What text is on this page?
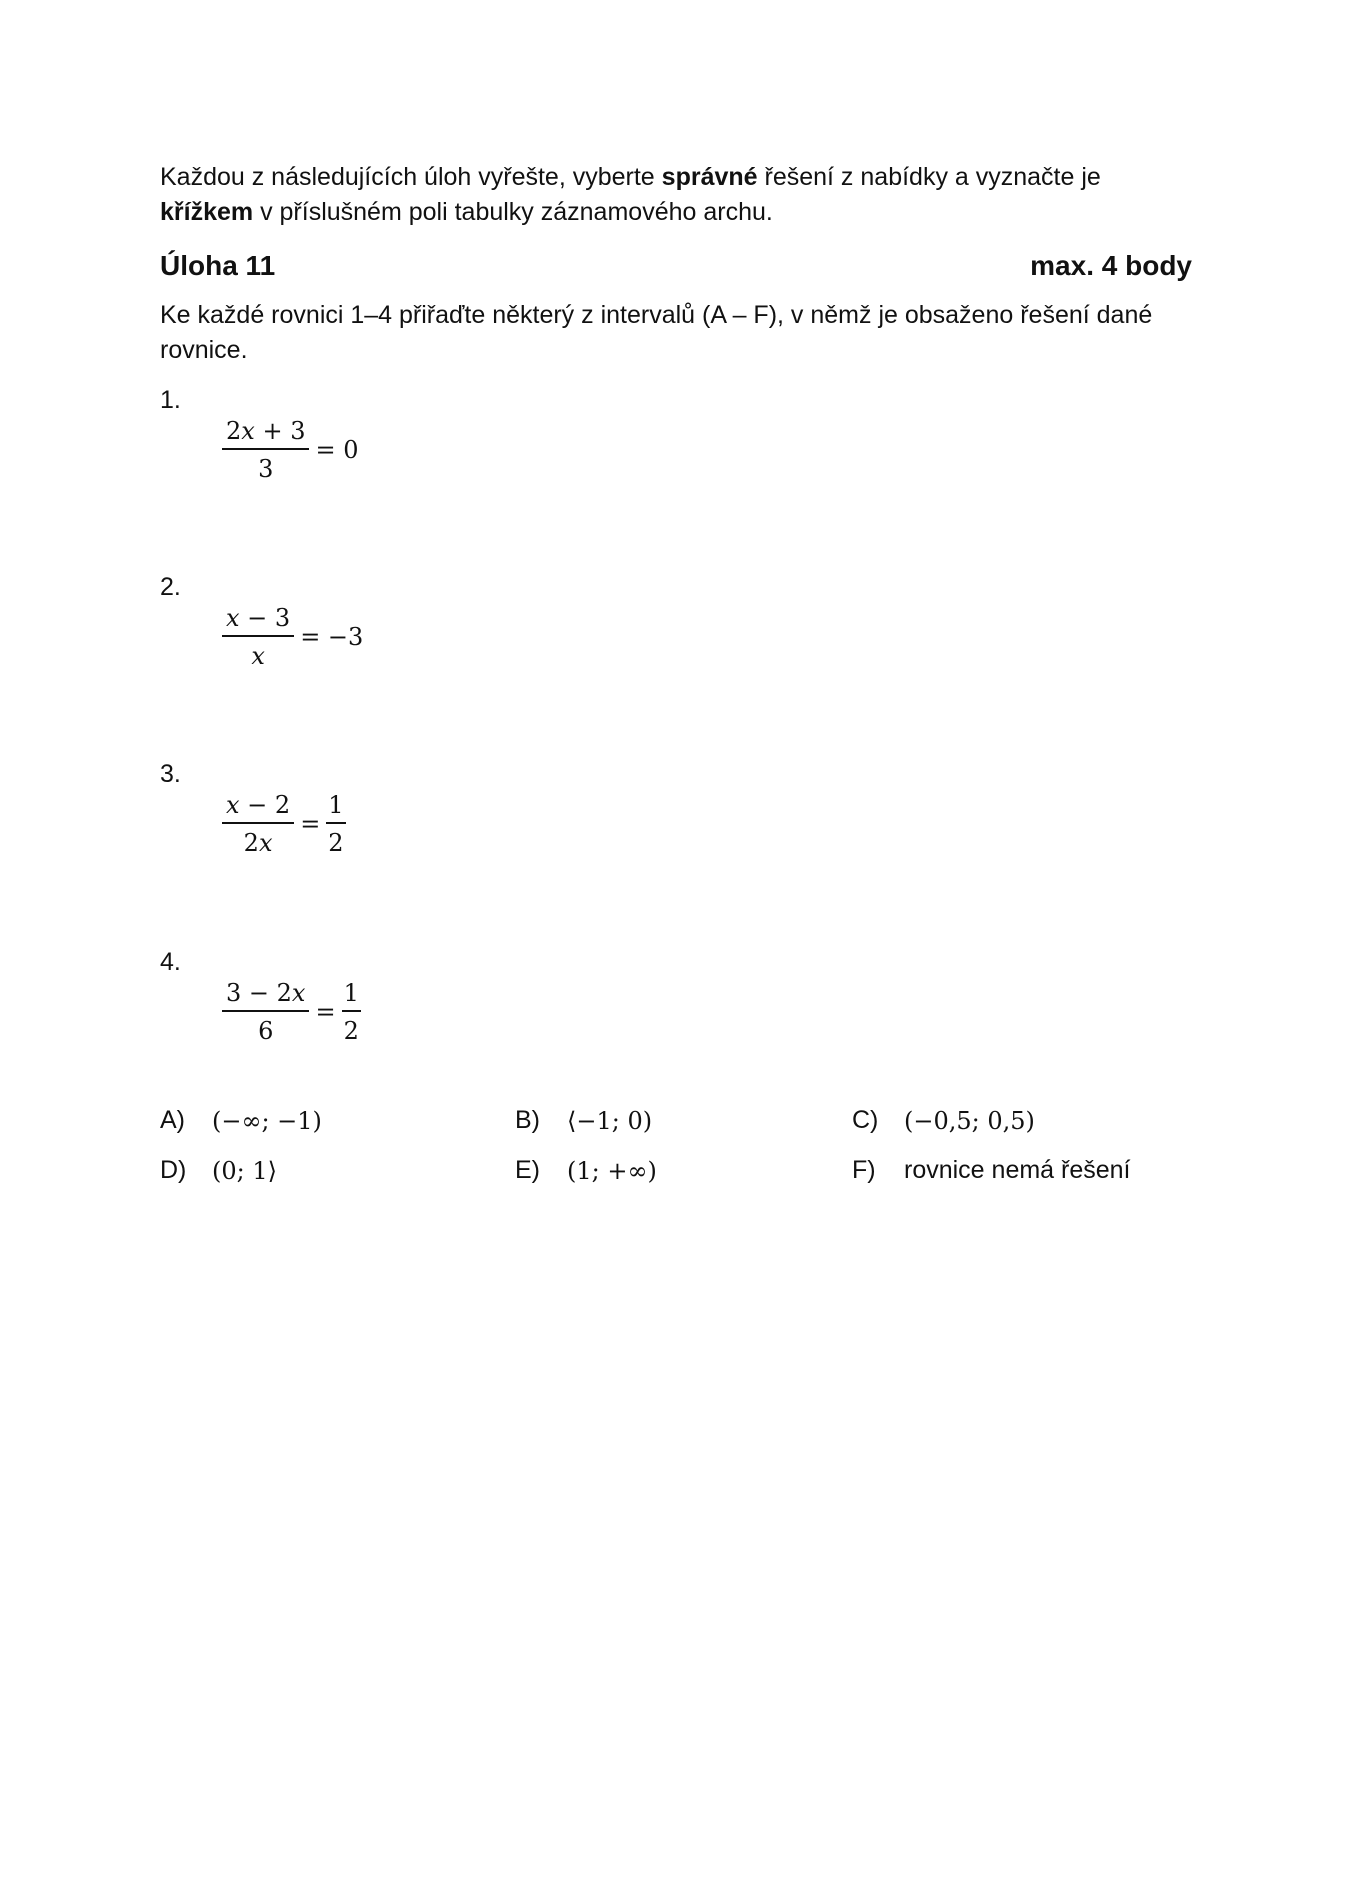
Každou z následujících úloh vyřešte, vyberte správné řešení z nabídky a vyznačte je
křížkem v příslušném poli tabulky záznamového archu.

Úloha 11	max. 4 body
Ke každé rovnici 1–4 přiřaďte některý z intervalů (A – F), v němž je obsaženo řešení dané rovnice.
1.
$\frac{2x + 3}{3} = 0$
2.
$\frac{x - 3}{x} = -3$
3.
$\frac{x - 2}{2x} = \frac{1}{2}$
4.
$\frac{3 - 2x}{6} = \frac{1}{2}$
A)	(−∞; −1)	B)	⟨−1; 0)	C)	(−0,5; 0,5)
D)	(0; 1⟩	E)	(1; +∞)	F)	rovnice nemá řešení
